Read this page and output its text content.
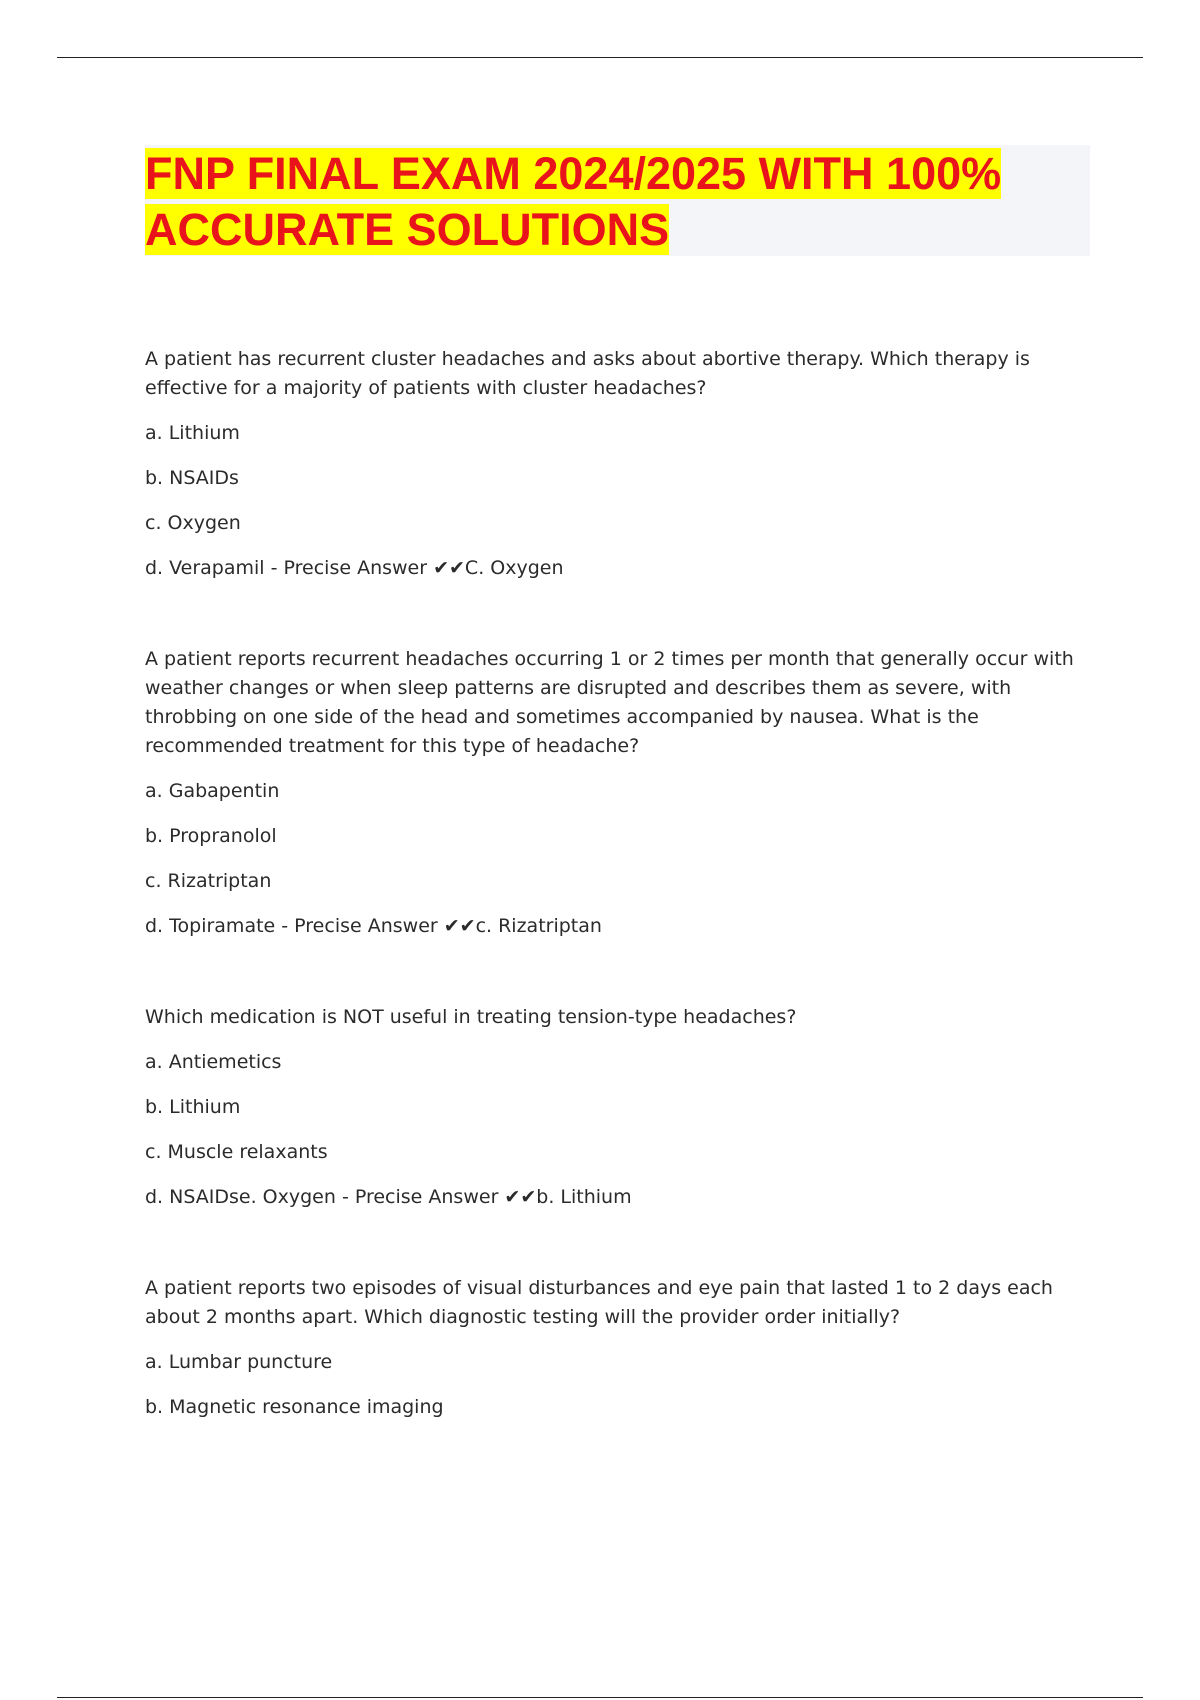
FNP FINAL EXAM 2024/2025 WITH 100% ACCURATE SOLUTIONS

A patient has recurrent cluster headaches and asks about abortive therapy. Which therapy is effective for a majority of patients with cluster headaches?

a. Lithium

b. NSAIDs

c. Oxygen

d. Verapamil - Precise Answer ✔✔C. Oxygen

A patient reports recurrent headaches occurring 1 or 2 times per month that generally occur with weather changes or when sleep patterns are disrupted and describes them as severe, with throbbing on one side of the head and sometimes accompanied by nausea. What is the recommended treatment for this type of headache?

a. Gabapentin

b. Propranolol

c. Rizatriptan

d. Topiramate - Precise Answer ✔✔c. Rizatriptan

Which medication is NOT useful in treating tension-type headaches?

a. Antiemetics

b. Lithium

c. Muscle relaxants

d. NSAIDse. Oxygen - Precise Answer ✔✔b. Lithium

A patient reports two episodes of visual disturbances and eye pain that lasted 1 to 2 days each about 2 months apart. Which diagnostic testing will the provider order initially?

a. Lumbar puncture

b. Magnetic resonance imaging
